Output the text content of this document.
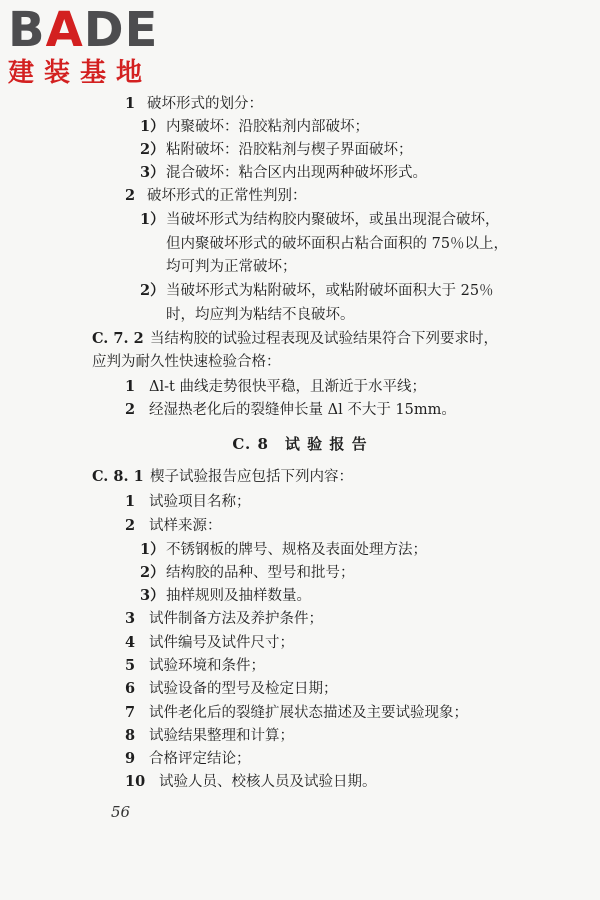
BADE
建装基地
1 破坏形式的划分：
1）内聚破坏：沿胶粘剂内部破坏；
2）粘附破坏：沿胶粘剂与楔子界面破坏；
3）混合破坏：粘合区内出现两种破坏形式。
2 破坏形式的正常性判别：
1）当破坏形式为结构胶内聚破坏，或虽出现混合破坏，
但内聚破坏形式的破坏面积占粘合面积的 75％以上，
均可判为正常破坏；
2）当破坏形式为粘附破坏，或粘附破坏面积大于 25％
时，均应判为粘结不良破坏。
C. 7. 2 当结构胶的试验过程表现及试验结果符合下列要求时，
应判为耐久性快速检验合格：
1 Δl-t 曲线走势很快平稳，且渐近于水平线；
2 经湿热老化后的裂缝伸长量 Δl 不大于 15mm。
C. 8　试 验 报 告
C. 8. 1 楔子试验报告应包括下列内容：
1 试验项目名称；
2 试样来源：
1）不锈钢板的牌号、规格及表面处理方法；
2）结构胶的品种、型号和批号；
3）抽样规则及抽样数量。
3 试件制备方法及养护条件；
4 试件编号及试件尺寸；
5 试验环境和条件；
6 试验设备的型号及检定日期；
7 试件老化后的裂缝扩展状态描述及主要试验现象；
8 试验结果整理和计算；
9 合格评定结论；
10 试验人员、校核人员及试验日期。
56
